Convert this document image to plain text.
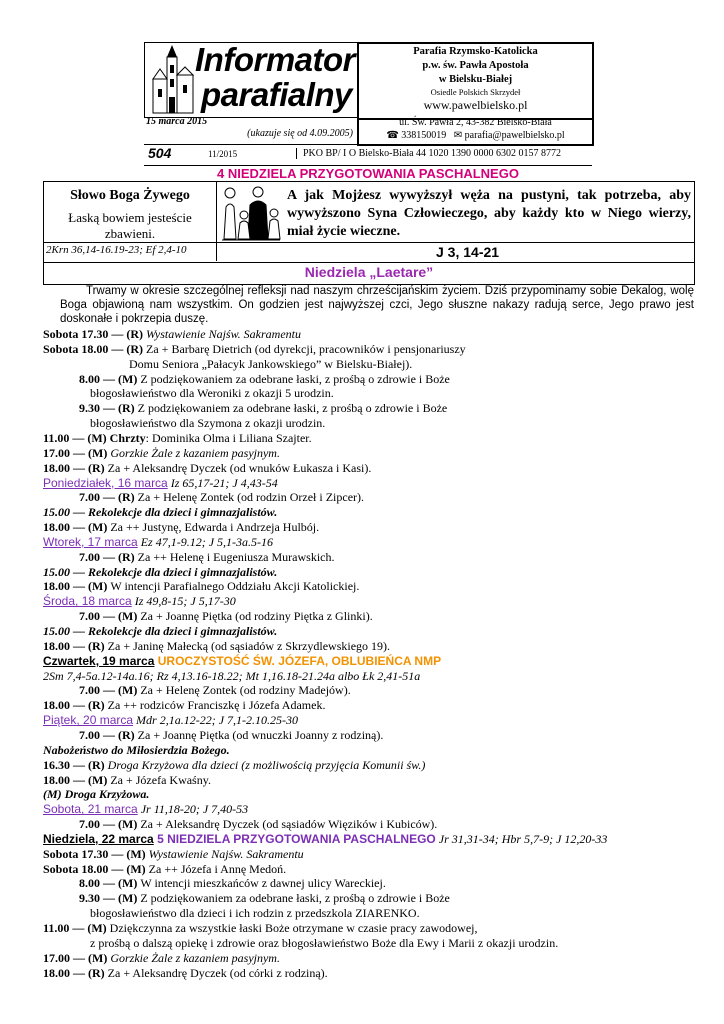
Informator
parafialny
Parafia Rzymsko-Katolicka
p.w. św. Pawła Apostoła
w Bielsku-Białej
Osiedle Polskich Skrzydeł
www.pawelbielsko.pl
15 marca 2015
(ukazuje się od 4.09.2005)
ul. Św. Pawła 2, 43-382 Bielsko-Biała
☎ 338150019 ✉ parafia@pawelbielsko.pl
504	11/2015	PKO BP/ I O Bielsko-Biała 44 1020 1390 0000 6302 0157 8772
4 NIEDZIELA PRZYGOTOWANIA PASCHALNEGO
Słowo Boga Żywego
Łaską bowiem jesteście zbawieni.
A jak Mojżesz wywyższył węża na pustyni, tak potrzeba, aby wywyższono Syna Człowieczego, aby każdy kto w Niego wierzy, miał życie wieczne.
2Krn 36,14-16.19-23; Ef 2,4-10	J 3, 14-21
Niedziela „Laetare”
Trwamy w okresie szczególnej refleksji nad naszym chrześcijańskim życiem. Dziś przypominamy sobie Dekalog, wolę Boga objawioną nam wszystkim. On godzien jest najwyższej czci, Jego słuszne nakazy radują serce, Jego prawo jest doskonałe i pokrzepia duszę.
Sobota 17.30 — (R) Wystawienie Najśw. Sakramentu
Sobota 18.00 — (R) Za + Barbarę Dietrich (od dyrekcji, pracowników i pensjonariuszy
Domu Seniora „Pałacyk Jankowskiego” w Bielsku-Białej).
8.00 — (M) Z podziękowaniem za odebrane łaski, z prośbą o zdrowie i Boże
błogosławieństwo dla Weroniki z okazji 5 urodzin.
9.30 — (R) Z podziękowaniem za odebrane łaski, z prośbą o zdrowie i Boże
błogosławieństwo dla Szymona z okazji urodzin.
11.00 — (M) Chrzty: Dominika Olma i Liliana Szajter.
17.00 — (M) Gorzkie Żale z kazaniem pasyjnym.
18.00 — (R) Za + Aleksandrę Dyczek (od wnuków Łukasza i Kasi).
Poniedziałek, 16 marca Iz 65,17-21; J 4,43-54
7.00 — (R) Za + Helenę Zontek (od rodzin Orzeł i Zipcer).
15.00 — Rekolekcje dla dzieci i gimnazjalistów.
18.00 — (M) Za ++ Justynę, Edwarda i Andrzeja Hulbój.
Wtorek, 17 marca Ez 47,1-9.12; J 5,1-3a.5-16
7.00 — (R) Za ++ Helenę i Eugeniusza Murawskich.
15.00 — Rekolekcje dla dzieci i gimnazjalistów.
18.00 — (M) W intencji Parafialnego Oddziału Akcji Katolickiej.
Środa, 18 marca Iz 49,8-15; J 5,17-30
7.00 — (M) Za + Joannę Piętka (od rodziny Piętka z Glinki).
15.00 — Rekolekcje dla dzieci i gimnazjalistów.
18.00 — (R) Za + Janinę Małecką (od sąsiadów z Skrzydlewskiego 19).
Czwartek, 19 marca UROCZYSTOŚĆ ŚW. JÓZEFA, OBLUBIEŃCA NMP
2Sm 7,4-5a.12-14a.16; Rz 4,13.16-18.22; Mt 1,16.18-21.24a albo Łk 2,41-51a
7.00 — (M) Za + Helenę Zontek (od rodziny Madejów).
18.00 — (R) Za ++ rodziców Franciszkę i Józefa Adamek.
Piątek, 20 marca Mdr 2,1a.12-22; J 7,1-2.10.25-30
7.00 — (R) Za + Joannę Piętka (od wnuczki Joanny z rodziną).
Nabożeństwo do Miłosierdzia Bożego.
16.30 — (R) Droga Krzyżowa dla dzieci (z możliwością przyjęcia Komunii św.)
18.00 — (M) Za + Józefa Kwaśny.
(M) Droga Krzyżowa.
Sobota, 21 marca Jr 11,18-20; J 7,40-53
7.00 — (M) Za + Aleksandrę Dyczek (od sąsiadów Więzików i Kubiców).
Niedziela, 22 marca 5 NIEDZIELA PRZYGOTOWANIA PASCHALNEGO Jr 31,31-34; Hbr 5,7-9; J 12,20-33
Sobota 17.30 — (M) Wystawienie Najśw. Sakramentu
Sobota 18.00 — (M) Za ++ Józefa i Annę Medoń.
8.00 — (M) W intencji mieszkańców z dawnej ulicy Wareckiej.
9.30 — (M) Z podziękowaniem za odebrane łaski, z prośbą o zdrowie i Boże
błogosławieństwo dla dzieci i ich rodzin z przedszkola ZIARENKO.
11.00 — (M) Dziękczynna za wszystkie łaski Boże otrzymane w czasie pracy zawodowej,
z prośbą o dalszą opiekę i zdrowie oraz błogosławieństwo Boże dla Ewy i Marii z okazji urodzin.
17.00 — (M) Gorzkie Żale z kazaniem pasyjnym.
18.00 — (R) Za + Aleksandrę Dyczek (od córki z rodziną).
